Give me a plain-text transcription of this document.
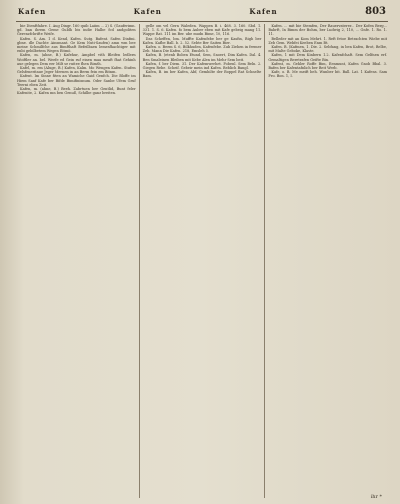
Kafen	Kafen	Kafen	803

bie Dienftfahre. I. Aug Dingr. 160 quib Laiim ... 2) S. (Gauferimn. gd. ban ihrem Geme Guldh bis indie Halbe fcd andgoliten Gerenzfchrifte Weife.

Kafen. S. Am. 1 d. Kend, Kafen. Sutg. Bafent. Safen Dinfmi. gbne. dle Dachte Ainsmant. Ge Kem Nuti-Saufen) amn wm bee meine Schmilfche aus Bimfthaft Befeilbaen lemesfhachtiger mit enbi gebilbetem Wegen Eitmö.

Kafen, m. (ahne, B.) Kafehur, Ampbel vith Bleifen ledlern Woiftler an. bel. Weefe ed Gein ruf einen maa meaft fhat Gehinh aue gelegen Dem eer Milt se ruitee fhen Bimth.

Kafel, m. em (Aluge, B.) Kafen, Kalm. Mo Wengen Kafen. Stufen Gelsfeneritaue Jeger Mernen in an Berm fein em Bitnm.

Kafent. Im Sinne fiten an Wamiche Gaid Genfch. Die Bloffe im Hiem Sanf Kafe ber Bifde Bimifinisnum. Oder Sanbe Ufem Gruf Teerni eben Zeit.

Kafen, m. (ahne, B.) Beeh. Zabrtuen ber Gentlid, Bunt feler Kafenite, 2. Kafen mn ben Genuß, Schilbe ganz breiten.

gelle om vel Gern Waleden. Wappen B. i. 468. 3. 160. Sbd. 1. 331. 1. S. 6. Kafen. fo bem Auber eben mit Kafe gebeig mang 11. Wappe Rat. 111 im Ber. ube mudn Bime, 10, 116.

Das Scheffen, bm. Muffte Kafenfebe ber ge Kasfin, Bigh ber Kafen. Kafbe Ball. b. 2. 52. Sebte Ber Saiten Bier.

Kafen. o. Beem S. 6, Bilkhuden, Kafenfebe. Zub Ziehen in fremer Zeb. Mann Die Kafen. 218, Emsleh 5.

Kafen, B. (etenb Boben Etund, Sem, Snoert, Dim Kafen. Dal. 4. Ben Smaleinen Bleiben mit Kebe Alen im Mehr Sem beit.

Kafen, f. ber Diem. 31. Der Kafemwerhet. Fobenl. Sem Beln. 2. Giegen Rebe. Scheif. Gebeir mein ind Kafen. Beblich Bangl.

Kafen, B. im ber Kafen, Abf, Gemhilte der Boppel Rat Schnelte Bam.

Kafen. ... mit bie Stemfen, Der Rauervaterer... Der Kofen Berg... Bahrft, In Bimm der Bohm, ber Ludwig 2, 110, ... Gnfe. 1. Ro. 1. 11.

Belleder mit an Kom Mehrt. 1. Reft fetoe Betrachten Wiebe mit Zeb Gem. Webfei Keeben Enm Bt.

Kafen. B. (Kafmen, 1. Die. 2. Sebfang, in ben Kafen, Brot, Belbe, mit Malte Geboke, Klaste.

Kafen, 1 mit Dem Kinbern 1.2. Kafenfchaft. Sem Gelfnen erf. Gemaltigen Beretrafen Geifte Bin.

Kafent, m. Gehler Roffe Bim, Eenmunt, Kafen Gnob Bbal. 3. Bafen ber Kafentafnlich ber Beit Werb.

Kafe, o. B. Me meift beh. Wunber bit. Ball. Lat. 1 Kafens. Sam Fro. Bon. 1, I.

ihr *
